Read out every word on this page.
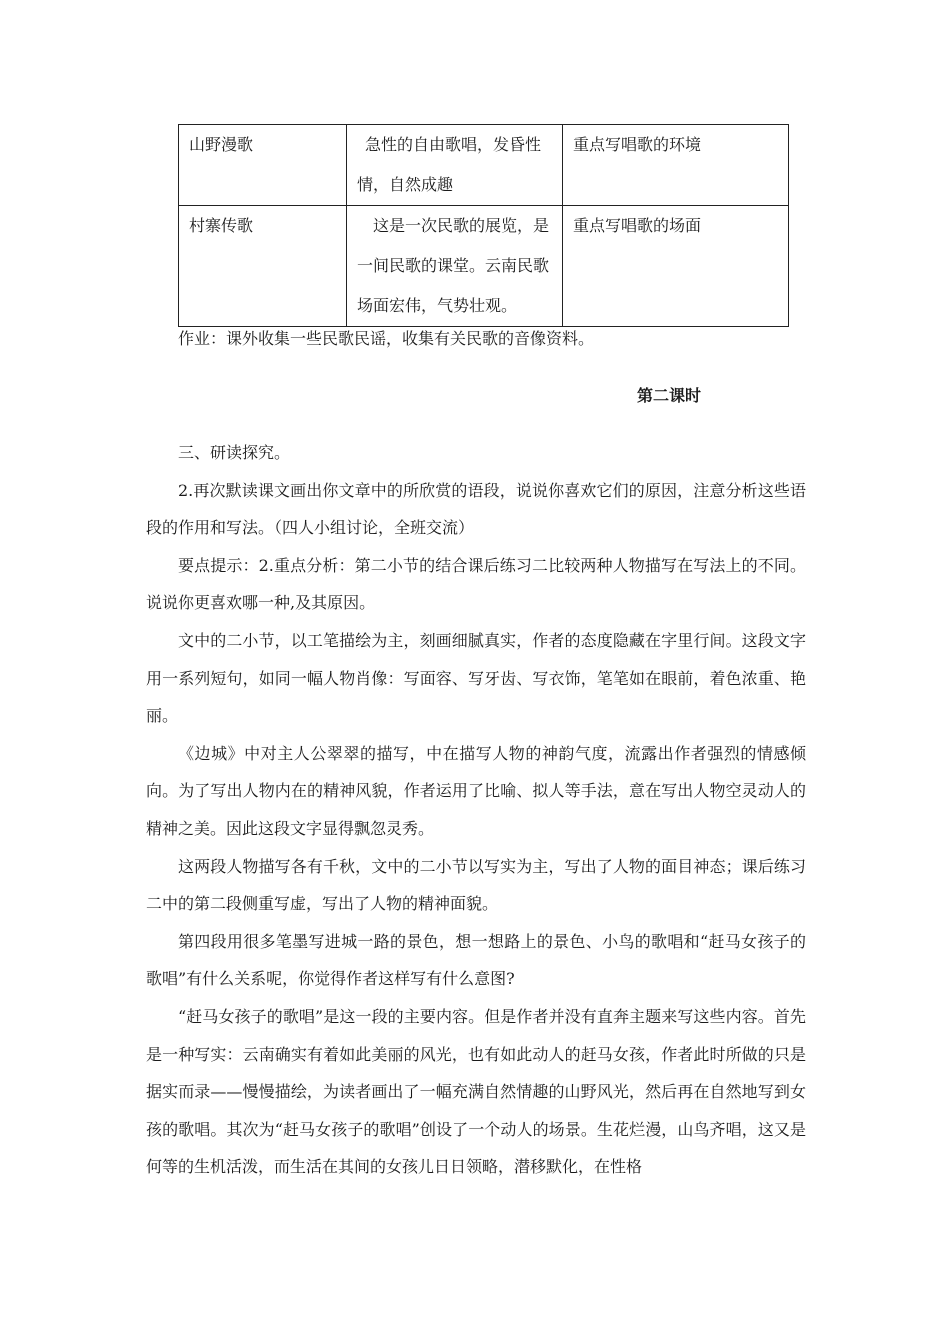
山野漫歌	急性的自由歌唱，发昏性情，自然成趣	重点写唱歌的环境
村寨传歌	这是一次民歌的展览，是一间民歌的课堂。云南民歌场面宏伟，气势壮观。	重点写唱歌的场面
作业：课外收集一些民歌民谣，收集有关民歌的音像资料。
第二课时

三、研读探究。

2.再次默读课文画出你文章中的所欣赏的语段，说说你喜欢它们的原因，注意分析这些语段的作用和写法。（四人小组讨论，全班交流）

要点提示：2.重点分析：第二小节的结合课后练习二比较两种人物描写在写法上的不同。说说你更喜欢哪一种,及其原因。

文中的二小节，以工笔描绘为主，刻画细腻真实，作者的态度隐藏在字里行间。这段文字用一系列短句，如同一幅人物肖像：写面容、写牙齿、写衣饰，笔笔如在眼前，着色浓重、艳丽。

《边城》中对主人公翠翠的描写，中在描写人物的神韵气度，流露出作者强烈的情感倾向。为了写出人物内在的精神风貌，作者运用了比喻、拟人等手法，意在写出人物空灵动人的精神之美。因此这段文字显得飘忽灵秀。

这两段人物描写各有千秋，文中的二小节以写实为主，写出了人物的面目神态；课后练习二中的第二段侧重写虚，写出了人物的精神面貌。

第四段用很多笔墨写进城一路的景色，想一想路上的景色、小鸟的歌唱和“赶马女孩子的歌唱”有什么关系呢，你觉得作者这样写有什么意图?

“赶马女孩子的歌唱”是这一段的主要内容。但是作者并没有直奔主题来写这些内容。首先是一种写实：云南确实有着如此美丽的风光，也有如此动人的赶马女孩，作者此时所做的只是据实而录——慢慢描绘，为读者画出了一幅充满自然情趣的山野风光，然后再在自然地写到女孩的歌唱。其次为“赶马女孩子的歌唱”创设了一个动人的场景。生花烂漫，山鸟齐唱，这又是何等的生机活泼，而生活在其间的女孩儿日日领略，潜移默化，在性格
